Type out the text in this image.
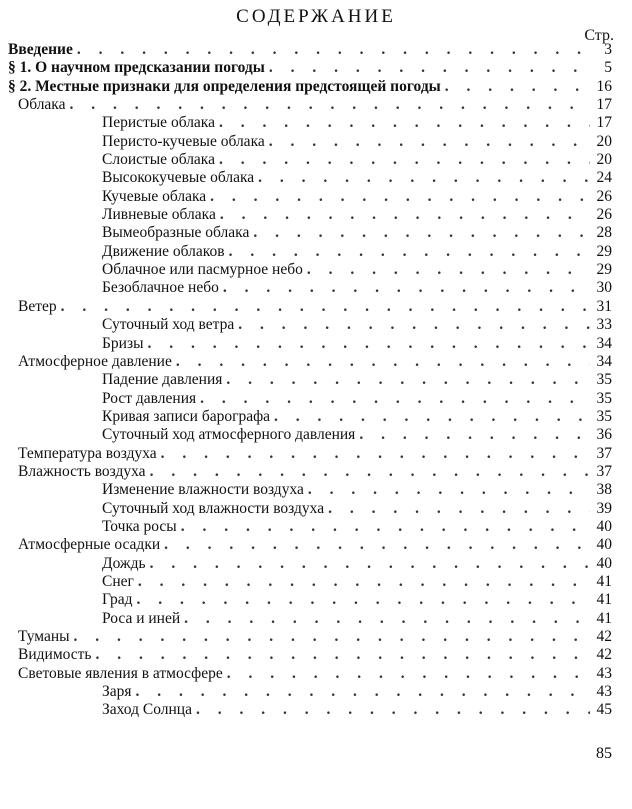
СОДЕРЖАНИЕ
Стр.
Введение . . .	3
§ 1. О научном предсказании погоды . . .	5
§ 2. Местные признаки для определения предстоящей погоды . . .	16
Облака . . .	17
Перистые облака . . .	17
Перисто-кучевые облака . . .	20
Слоистые облака . . .	20
Высококучевые облака . . .	24
Кучевые облака . . .	26
Ливневые облака . . .	26
Вымеобразные облака . . .	28
Движение облаков . . .	29
Облачное или пасмурное небо . . .	29
Безоблачное небо . . .	30
Ветер . . .	31
Суточный ход ветра . . .	33
Бризы . . .	34
Атмосферное давление . . .	34
Падение давления . . .	35
Рост давления . . .	35
Кривая записи барографа . . .	35
Суточный ход атмосферного давления . . .	36
Температура воздуха . . .	37
Влажность воздуха . . .	37
Изменение влажности воздуха . . .	38
Суточный ход влажности воздуха . . .	39
Точка росы . . .	40
Атмосферные осадки . . .	40
Дождь . . .	40
Снег . . .	41
Град . . .	41
Роса и иней . . .	41
Туманы . . .	42
Видимость . . .	42
Световые явления в атмосфере . . .	43
Заря . . .	43
Заход Солнца . . .	45
85
